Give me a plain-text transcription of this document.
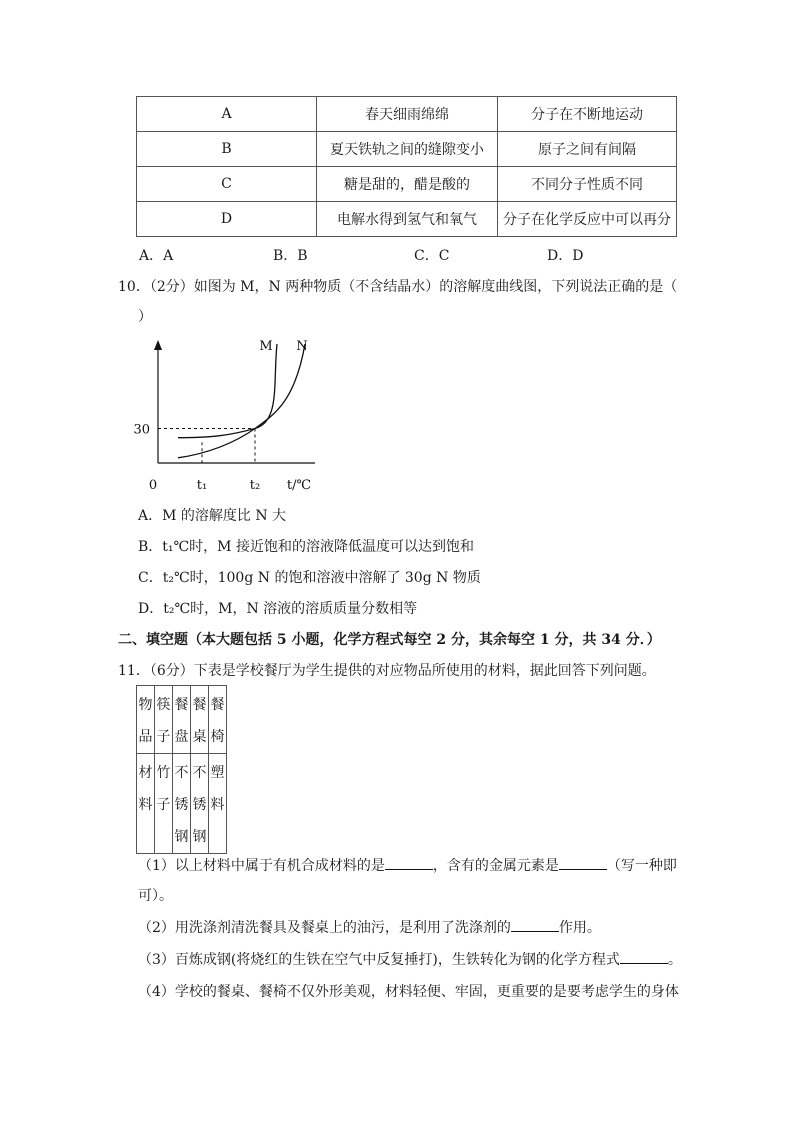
A	春天细雨绵绵	分子在不断地运动
B	夏天铁轨之间的缝隙变小	原子之间有间隔
C	糖是甜的，醋是酸的	不同分子性质不同
D	电解水得到氢气和氧气	分子在化学反应中可以再分
A．A	B．B	C．C	D．D
10．（2分）如图为 M，N 两种物质（不含结晶水）的溶解度曲线图，下列说法正确的是（
）
30
0	t₁	t₂ t/℃
M N
A．M 的溶解度比 N 大
B．t₁℃时，M 接近饱和的溶液降低温度可以达到饱和
C．t₂℃时，100g N 的饱和溶液中溶解了 30g N 物质
D．t₂℃时，M，N 溶液的溶质质量分数相等
二、填空题（本大题包括 5 小题，化学方程式每空 2 分，其余每空 1 分，共 34 分．）
11．（6分）下表是学校餐厅为学生提供的对应物品所使用的材料，据此回答下列问题。
物品	筷子	餐盘	餐桌	餐椅
材料	竹子	不锈钢	不锈钢	塑料
（1）以上材料中属于有机合成材料的是	，含有的金属元素是	（写一种即
可）。
（2）用洗涤剂清洗餐具及餐桌上的油污，是利用了洗涤剂的	作用。
（3）百炼成钢(将烧红的生铁在空气中反复捶打)，生铁转化为钢的化学方程式	。
（4）学校的餐桌、餐椅不仅外形美观，材料轻便、牢固，更重要的是要考虑学生的身体
